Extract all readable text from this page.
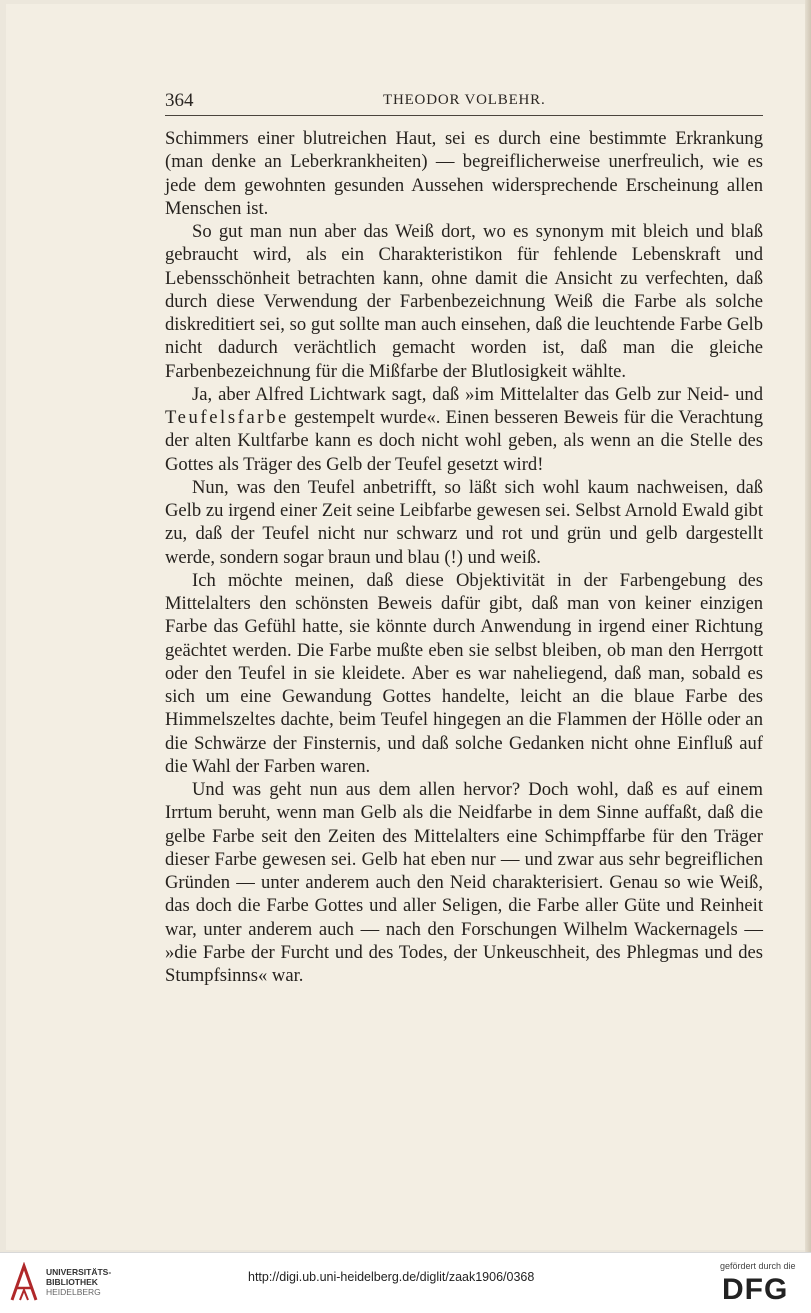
364	THEODOR VOLBEHR.

Schimmers einer blutreichen Haut, sei es durch eine bestimmte Erkrankung (man denke an Leberkrankheiten) — begreiflicherweise unerfreulich, wie es jede dem gewohnten gesunden Aussehen widersprechende Erscheinung allen Menschen ist.

So gut man nun aber das Weiß dort, wo es synonym mit bleich und blaß gebraucht wird, als ein Charakteristikon für fehlende Lebenskraft und Lebensschönheit betrachten kann, ohne damit die Ansicht zu verfechten, daß durch diese Verwendung der Farbenbezeichnung Weiß die Farbe als solche diskreditiert sei, so gut sollte man auch einsehen, daß die leuchtende Farbe Gelb nicht dadurch verächtlich gemacht worden ist, daß man die gleiche Farbenbezeichnung für die Mißfarbe der Blutlosigkeit wählte.

Ja, aber Alfred Lichtwark sagt, daß »im Mittelalter das Gelb zur Neid- und Teufelsfarbe gestempelt wurde«. Einen besseren Beweis für die Verachtung der alten Kultfarbe kann es doch nicht wohl geben, als wenn an die Stelle des Gottes als Träger des Gelb der Teufel gesetzt wird!

Nun, was den Teufel anbetrifft, so läßt sich wohl kaum nachweisen, daß Gelb zu irgend einer Zeit seine Leibfarbe gewesen sei. Selbst Arnold Ewald gibt zu, daß der Teufel nicht nur schwarz und rot und grün und gelb dargestellt werde, sondern sogar braun und blau (!) und weiß.

Ich möchte meinen, daß diese Objektivität in der Farbengebung des Mittelalters den schönsten Beweis dafür gibt, daß man von keiner einzigen Farbe das Gefühl hatte, sie könnte durch Anwendung in irgend einer Richtung geächtet werden. Die Farbe mußte eben sie selbst bleiben, ob man den Herrgott oder den Teufel in sie kleidete. Aber es war naheliegend, daß man, sobald es sich um eine Gewandung Gottes handelte, leicht an die blaue Farbe des Himmelszeltes dachte, beim Teufel hingegen an die Flammen der Hölle oder an die Schwärze der Finsternis, und daß solche Gedanken nicht ohne Einfluß auf die Wahl der Farben waren.

Und was geht nun aus dem allen hervor? Doch wohl, daß es auf einem Irrtum beruht, wenn man Gelb als die Neidfarbe in dem Sinne auffaßt, daß die gelbe Farbe seit den Zeiten des Mittelalters eine Schimpffarbe für den Träger dieser Farbe gewesen sei. Gelb hat eben nur — und zwar aus sehr begreiflichen Gründen — unter anderem auch den Neid charakterisiert. Genau so wie Weiß, das doch die Farbe Gottes und aller Seligen, die Farbe aller Güte und Reinheit war, unter anderem auch — nach den Forschungen Wilhelm Wackernagels — »die Farbe der Furcht und des Todes, der Unkeuschheit, des Phlegmas und des Stumpfsinns« war.

UNIVERSITÄTS-
BIBLIOTHEK
HEIDELBERG
http://digi.ub.uni-heidelberg.de/diglit/zaak1906/0368
gefördert durch die
DFG
